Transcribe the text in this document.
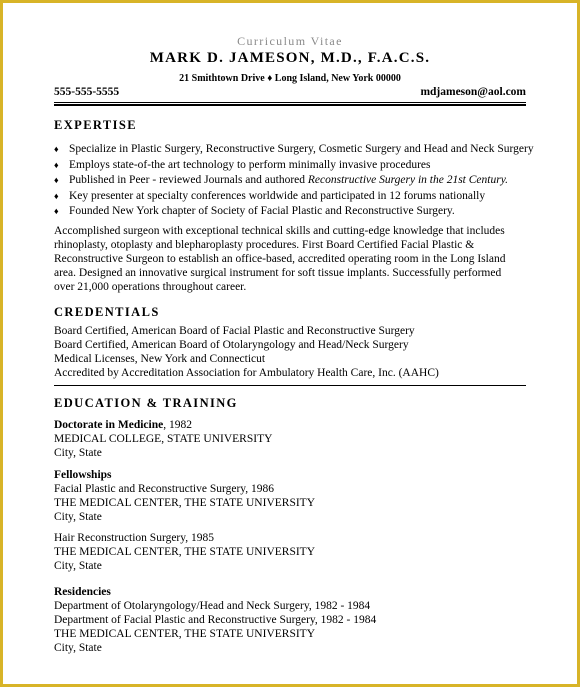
Curriculum Vitae
MARK D. JAMESON, M.D., F.A.C.S.
21 Smithtown Drive ♦ Long Island, New York 00000
555-555-5555	mdjameson@aol.com
EXPERTISE
♦ Specialize in Plastic Surgery, Reconstructive Surgery, Cosmetic Surgery and Head and Neck Surgery
♦ Employs state-of-the art technology to perform minimally invasive procedures
♦ Published in Peer - reviewed Journals and authored Reconstructive Surgery in the 21st Century.
♦ Key presenter at specialty conferences worldwide and participated in 12 forums nationally
♦ Founded New York chapter of Society of Facial Plastic and Reconstructive Surgery.
Accomplished surgeon with exceptional technical skills and cutting-edge knowledge that includes
rhinoplasty, otoplasty and blepharoplasty procedures. First Board Certified Facial Plastic &
Reconstructive Surgeon to establish an office-based, accredited operating room in the Long Island
area. Designed an innovative surgical instrument for soft tissue implants. Successfully performed
over 21,000 operations throughout career.
CREDENTIALS
Board Certified, American Board of Facial Plastic and Reconstructive Surgery
Board Certified, American Board of Otolaryngology and Head/Neck Surgery
Medical Licenses, New York and Connecticut
Accredited by Accreditation Association for Ambulatory Health Care, Inc. (AAHC)
EDUCATION & TRAINING
Doctorate in Medicine, 1982
MEDICAL COLLEGE, STATE UNIVERSITY
City, State
Fellowships
Facial Plastic and Reconstructive Surgery, 1986
THE MEDICAL CENTER, THE STATE UNIVERSITY
City, State
Hair Reconstruction Surgery, 1985
THE MEDICAL CENTER, THE STATE UNIVERSITY
City, State
Residencies
Department of Otolaryngology/Head and Neck Surgery, 1982 - 1984
Department of Facial Plastic and Reconstructive Surgery, 1982 - 1984
THE MEDICAL CENTER, THE STATE UNIVERSITY
City, State
